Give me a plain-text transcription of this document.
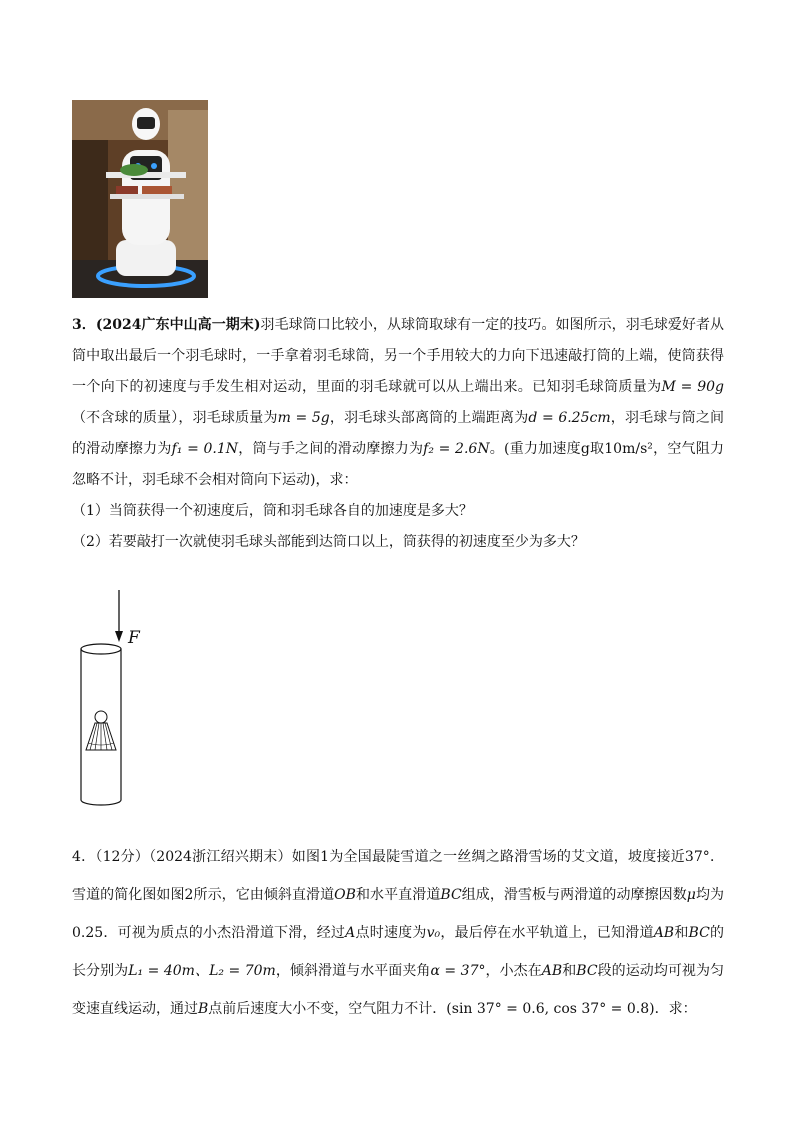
3．(2024广东中山高一期末)羽毛球筒口比较小，从球筒取球有一定的技巧。如图所示，羽毛球爱好者从筒中取出最后一个羽毛球时，一手拿着羽毛球筒，另一个手用较大的力向下迅速敲打筒的上端，使筒获得一个向下的初速度与手发生相对运动，里面的羽毛球就可以从上端出来。已知羽毛球筒质量为M = 90g（不含球的质量），羽毛球质量为m = 5g，羽毛球头部离筒的上端距离为d = 6.25cm，羽毛球与筒之间的滑动摩擦力为f₁ = 0.1N，筒与手之间的滑动摩擦力为f₂ = 2.6N。(重力加速度g取10m/s²，空气阻力忽略不计，羽毛球不会相对筒向下运动)，求：
（1）当筒获得一个初速度后，筒和羽毛球各自的加速度是多大？
（2）若要敲打一次就使羽毛球头部能到达筒口以上，筒获得的初速度至少为多大？
F
4．（12分）（2024浙江绍兴期末）如图1为全国最陡雪道之一丝绸之路滑雪场的艾文道，坡度接近37°．雪道的简化图如图2所示，它由倾斜直滑道OB和水平直滑道BC组成，滑雪板与两滑道的动摩擦因数μ均为0.25．可视为质点的小杰沿滑道下滑，经过A点时速度为v₀，最后停在水平轨道上，已知滑道AB和BC的长分别为L₁ = 40m、L₂ = 70m，倾斜滑道与水平面夹角α = 37°，小杰在AB和BC段的运动均可视为匀变速直线运动，通过B点前后速度大小不变，空气阻力不计．(sin 37° = 0.6, cos 37° = 0.8)．求：
